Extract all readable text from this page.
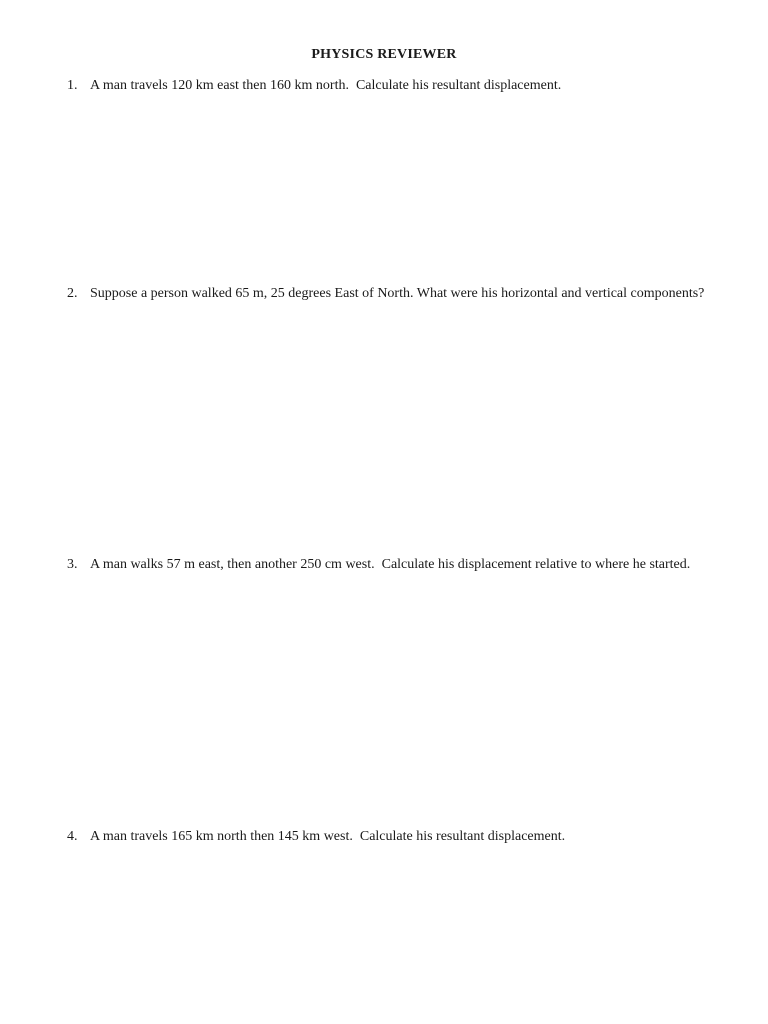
PHYSICS REVIEWER
1. A man travels 120 km east then 160 km north.  Calculate his resultant displacement.
2. Suppose a person walked 65 m, 25 degrees East of North. What were his horizontal and vertical components?
3. A man walks 57 m east, then another 250 cm west.  Calculate his displacement relative to where he started.
4. A man travels 165 km north then 145 km west.  Calculate his resultant displacement.
